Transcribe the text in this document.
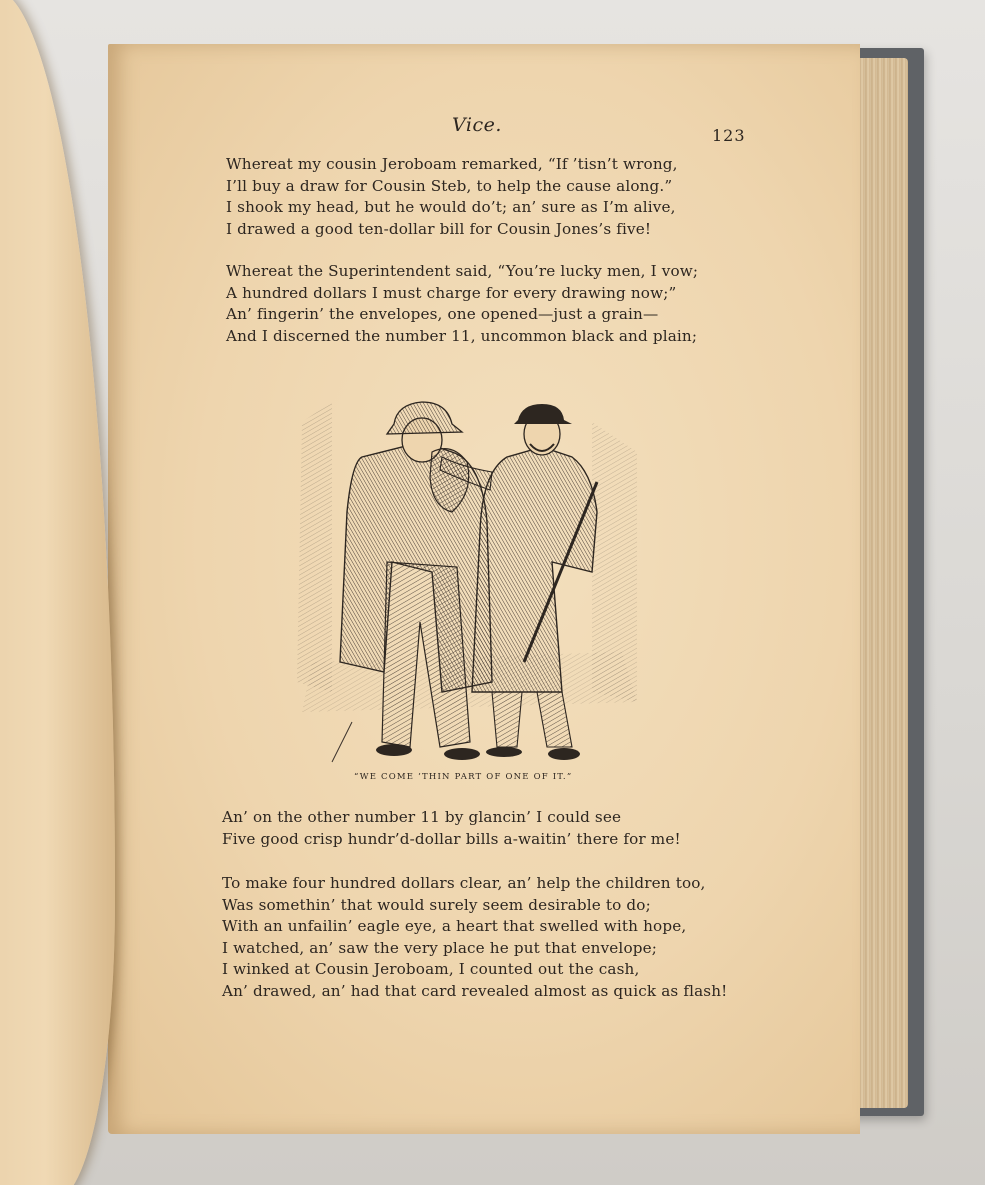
Vice.	123
Whereat my cousin Jeroboam remarked, “If ’tisn’t wrong,
I’ll buy a draw for Cousin Steb, to help the cause along.”
I shook my head, but he would do’t; an’ sure as I’m alive,
I drawed a good ten-dollar bill for Cousin Jones’s five!
Whereat the Superintendent said, “You’re lucky men, I vow;
A hundred dollars I must charge for every drawing now;”
An’ fingerin’ the envelopes, one opened—just a grain—
And I discerned the number 11, uncommon black and plain;
“WE COME ’THIN PART OF ONE OF IT.”
An’ on the other number 11 by glancin’ I could see
Five good crisp hundr’d-dollar bills a-waitin’ there for me!
To make four hundred dollars clear, an’ help the children too,
Was somethin’ that would surely seem desirable to do;
With an unfailin’ eagle eye, a heart that swelled with hope,
I watched, an’ saw the very place he put that envelope;
I winked at Cousin Jeroboam, I counted out the cash,
An’ drawed, an’ had that card revealed almost as quick as flash!
